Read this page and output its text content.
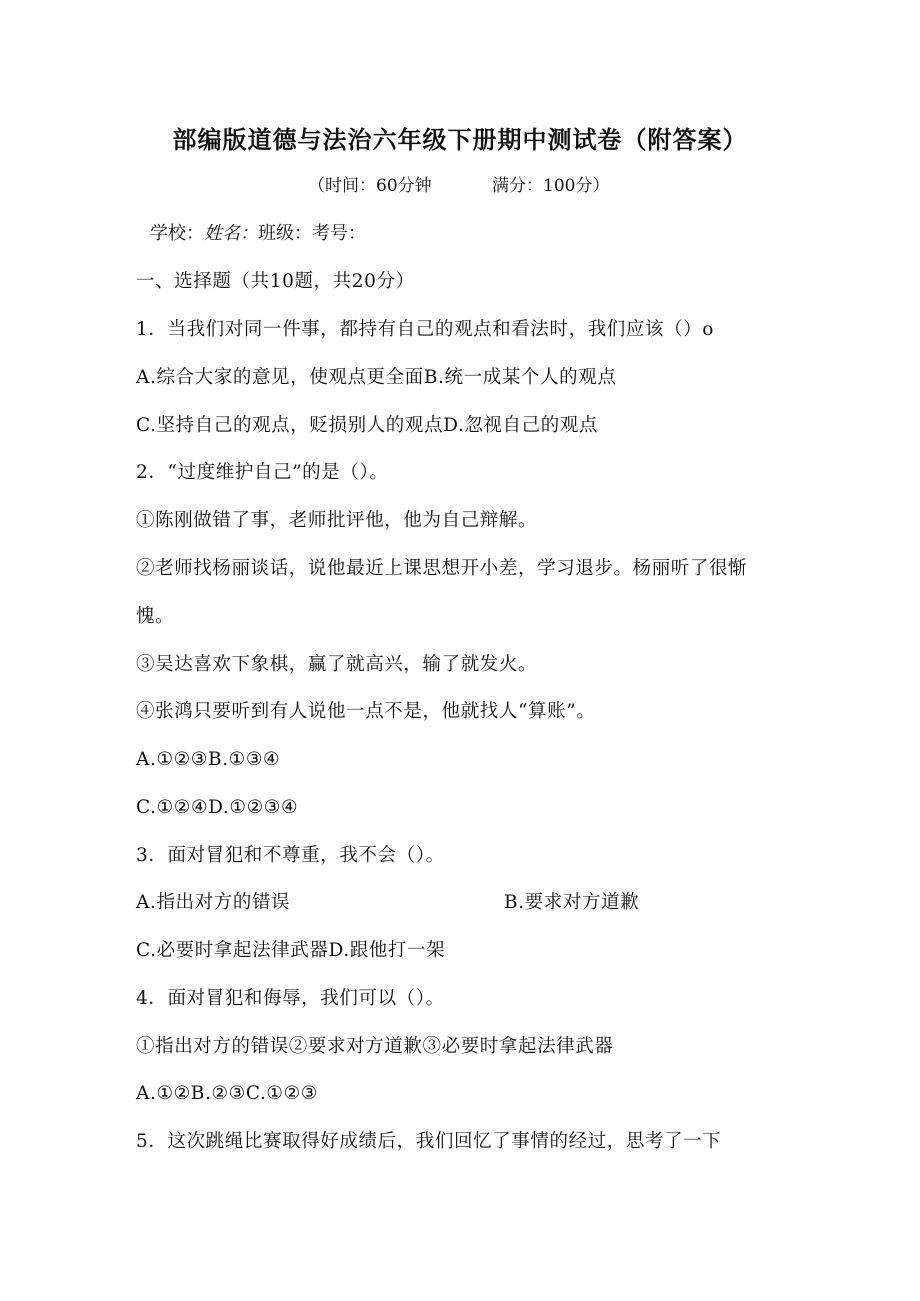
部编版道德与法治六年级下册期中测试卷（附答案）

（时间：60分钟	满分：100分）

学校：姓名：班级：考号：

一、选择题（共10题，共20分）

1．当我们对同一件事，都持有自己的观点和看法时，我们应该（）o

A.综合大家的意见，使观点更全面B.统一成某个人的观点

C.坚持自己的观点，贬损别人的观点D.忽视自己的观点

2．“过度维护自己”的是（）。

①陈刚做错了事，老师批评他，他为自己辩解。

②老师找杨丽谈话，说他最近上课思想开小差，学习退步。杨丽听了很惭

愧。

③吴达喜欢下象棋，赢了就高兴，输了就发火。

④张鸿只要听到有人说他一点不是，他就找人“算账”。

A.①②③B.①③④

C.①②④D.①②③④

3．面对冒犯和不尊重，我不会（）。

A.指出对方的错误	B.要求对方道歉

C.必要时拿起法律武器D.跟他打一架

4．面对冒犯和侮辱，我们可以（）。

①指出对方的错误②要求对方道歉③必要时拿起法律武器

A.①②B.②③C.①②③

5．这次跳绳比赛取得好成绩后，我们回忆了事情的经过，思考了一下
